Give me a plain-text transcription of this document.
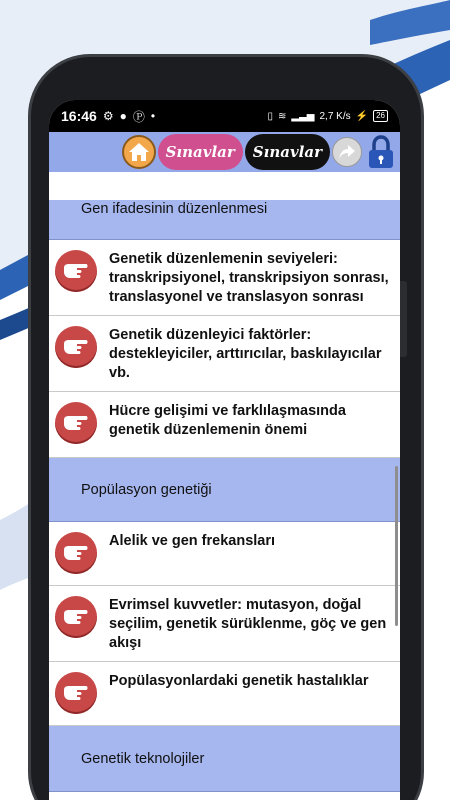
16:46 ⚙ ● Ⓟ •	▯ ≋ ▂▃▅ 2,7 K/s ⚡	26
Sınavlar Sınavlar
Gen ifadesinin düzenlenmesi
Genetik düzenlemenin seviyeleri: transkripsiyonel, transkripsiyon sonrası, translasyonel ve translasyon sonrası
Genetik düzenleyici faktörler: destekleyiciler, arttırıcılar, baskılayıcılar vb.
Hücre gelişimi ve farklılaşmasında genetik düzenlemenin önemi
Popülasyon genetiği
Alelik ve gen frekansları
Evrimsel kuvvetler: mutasyon, doğal seçilim, genetik sürüklenme, göç ve gen akışı
Popülasyonlardaki genetik hastalıklar
Genetik teknolojiler
